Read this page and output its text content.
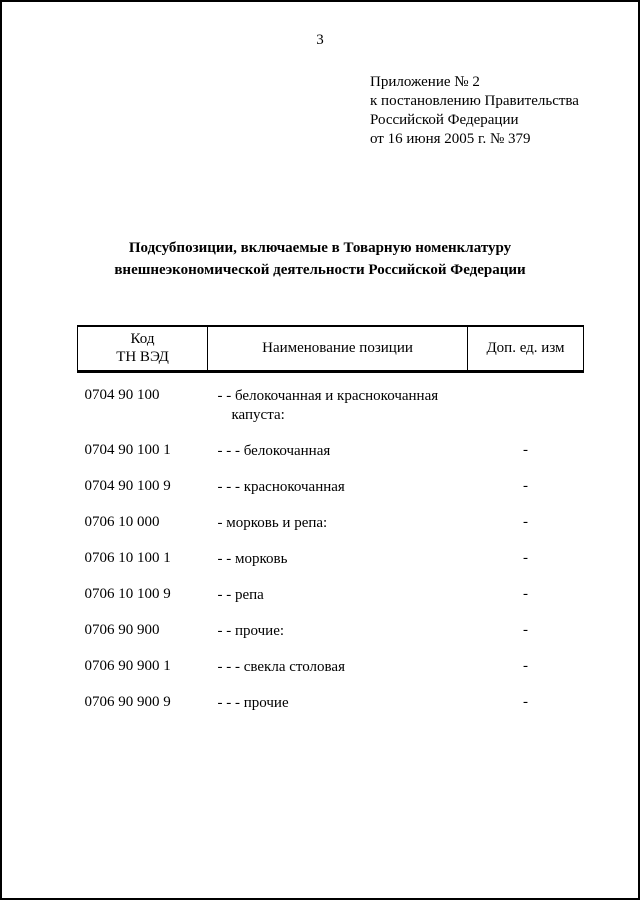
3
Приложение № 2
к постановлению Правительства
Российской Федерации
от 16 июня 2005 г. № 379
Подсубпозиции, включаемые в Товарную номенклатуру
внешнеэкономической деятельности Российской Федерации
Код
ТН ВЭД	Наименование позиции	Доп. ед. изм
0704 90 100	- - белокочанная и краснокочанная капуста:	
0704 90 100 1	- - - белокочанная	-
0704 90 100 9	- - - краснокочанная	-
0706 10 000	- морковь и репа:	-
0706 10 100 1	- - морковь	-
0706 10 100 9	- - репа	-
0706 90 900	- - прочие:	-
0706 90 900 1	- - - свекла столовая	-
0706 90 900 9	- - - прочие	-
